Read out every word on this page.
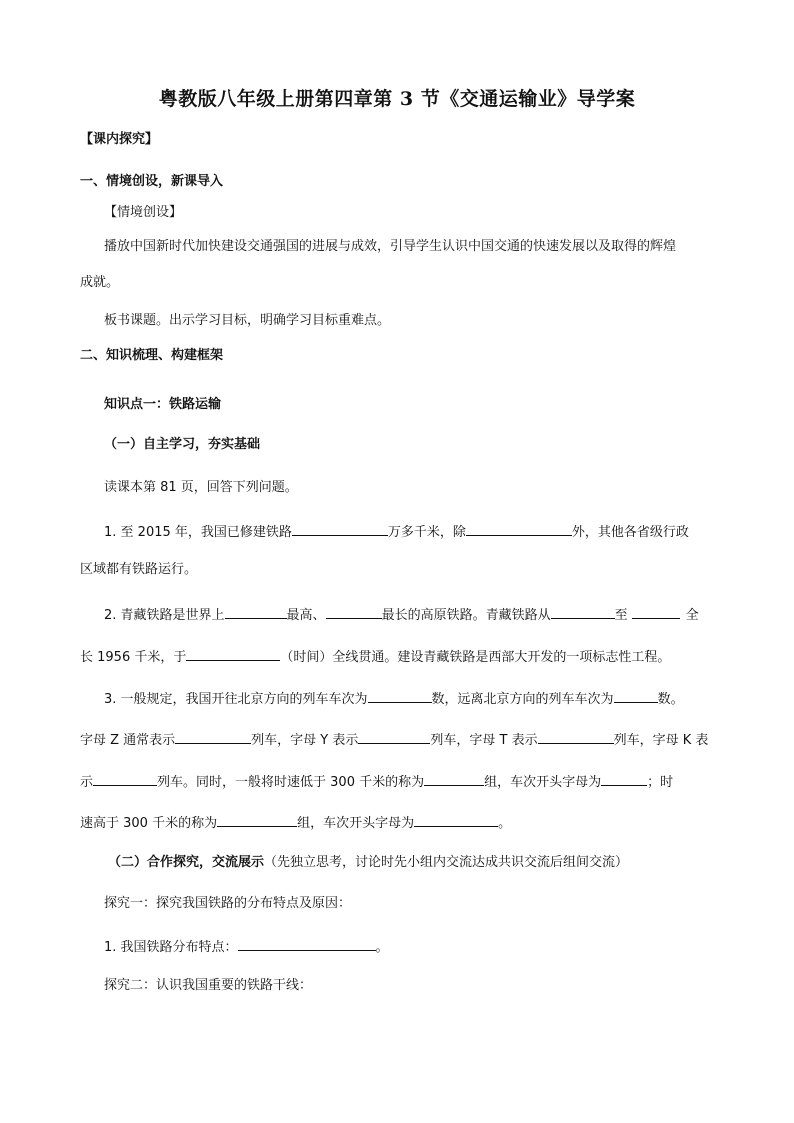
粤教版八年级上册第四章第 3 节《交通运输业》导学案
【课内探究】
一、情境创设，新课导入
【情境创设】
播放中国新时代加快建设交通强国的进展与成效，引导学生认识中国交通的快速发展以及取得的辉煌
成就。
板书课题。出示学习目标，明确学习目标重难点。
二、知识梳理、构建框架
知识点一：铁路运输
（一）自主学习，夯实基础
读课本第 81 页，回答下列问题。
1. 至 2015 年，我国已修建铁路	万多千米，除	外，其他各省级行政
区域都有铁路运行。
2. 青藏铁路是世界上	最高、	最长的高原铁路。青藏铁路从	至	全
长 1956 千米，于	（时间）全线贯通。建设青藏铁路是西部大开发的一项标志性工程。
3. 一般规定，我国开往北京方向的列车车次为	数，远离北京方向的列车车次为	数。
字母 Z 通常表示	列车，字母 Y 表示	列车，字母 T 表示	列车，字母 K 表
示	列车。同时，一般将时速低于 300 千米的称为	组，车次开头字母为	；时
速高于 300 千米的称为	组，车次开头字母为	。
（二）合作探究，交流展示（先独立思考，讨论时先小组内交流达成共识交流后组间交流）
探究一：探究我国铁路的分布特点及原因：
1. 我国铁路分布特点：	。
探究二：认识我国重要的铁路干线：
